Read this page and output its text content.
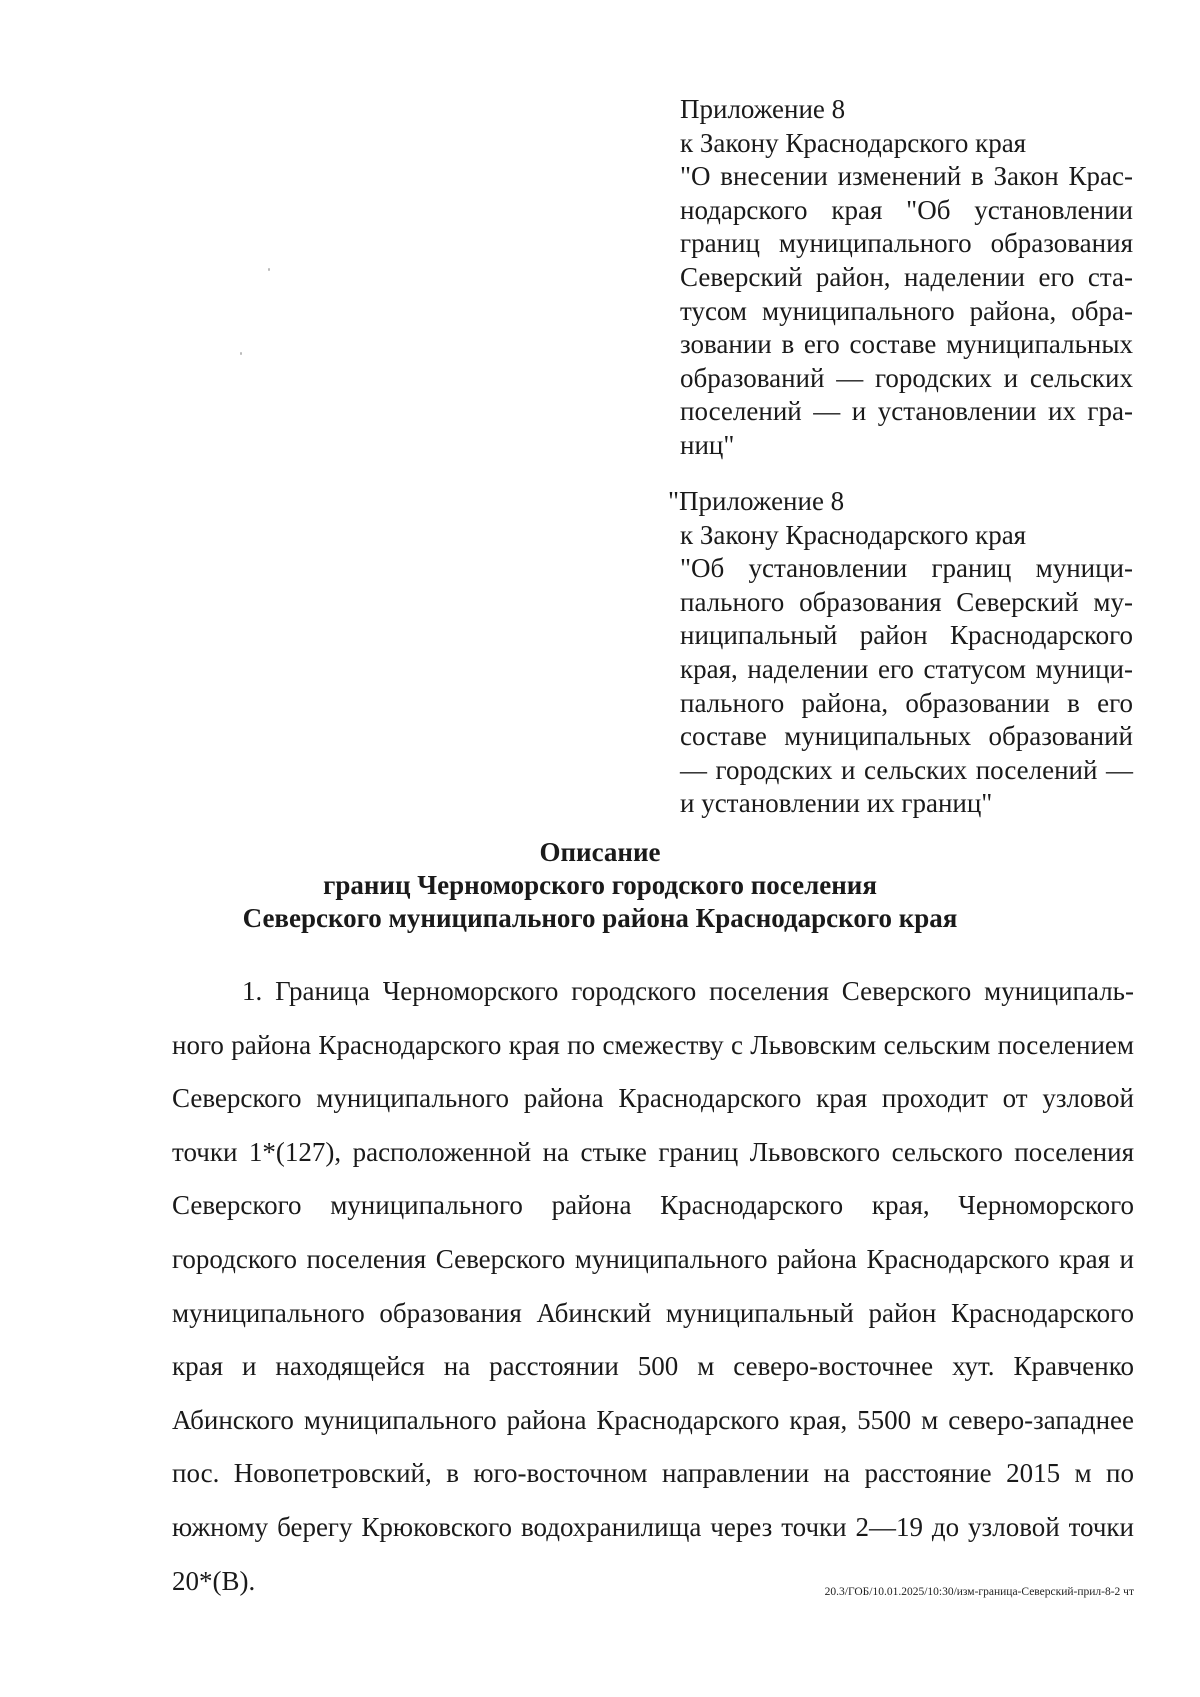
Приложение 8
к Закону Краснодарского края
"О внесении изменений в Закон Краснодарского края "Об установлении границ муниципального образования Северский район, наделении его статусом муниципального района, образовании в его составе муниципальных образований — городских и сельских поселений — и установлении их границ"
"Приложение 8
к Закону Краснодарского края
"Об установлении границ муниципального образования Северский муниципальный район Краснодарского края, наделении его статусом муниципального района, образовании в его составе муниципальных образований — городских и сельских поселений — и установлении их границ"
Описание
границ Черноморского городского поселения
Северского муниципального района Краснодарского края

1. Граница Черноморского городского поселения Северского муниципального района Краснодарского края по смежеству с Львовским сельским поселением Северского муниципального района Краснодарского края проходит от узловой точки 1*(127), расположенной на стыке границ Львовского сельского поселения Северского муниципального района Краснодарского края, Черноморского городского поселения Северского муниципального района Краснодарского края и муниципального образования Абинский муниципальный район Краснодарского края и находящейся на расстоянии 500 м северо-восточнее хут. Кравченко Абинского муниципального района Краснодарского края, 5500 м северо-западнее пос. Новопетровский, в юго-восточном направлении на расстояние 2015 м по южному берегу Крюковского водохранилища через точки 2—19 до узловой точки 20*(В).	20.3/ГОБ/10.01.2025/10:30/изм-граница-Северский-прил-8-2 чт
